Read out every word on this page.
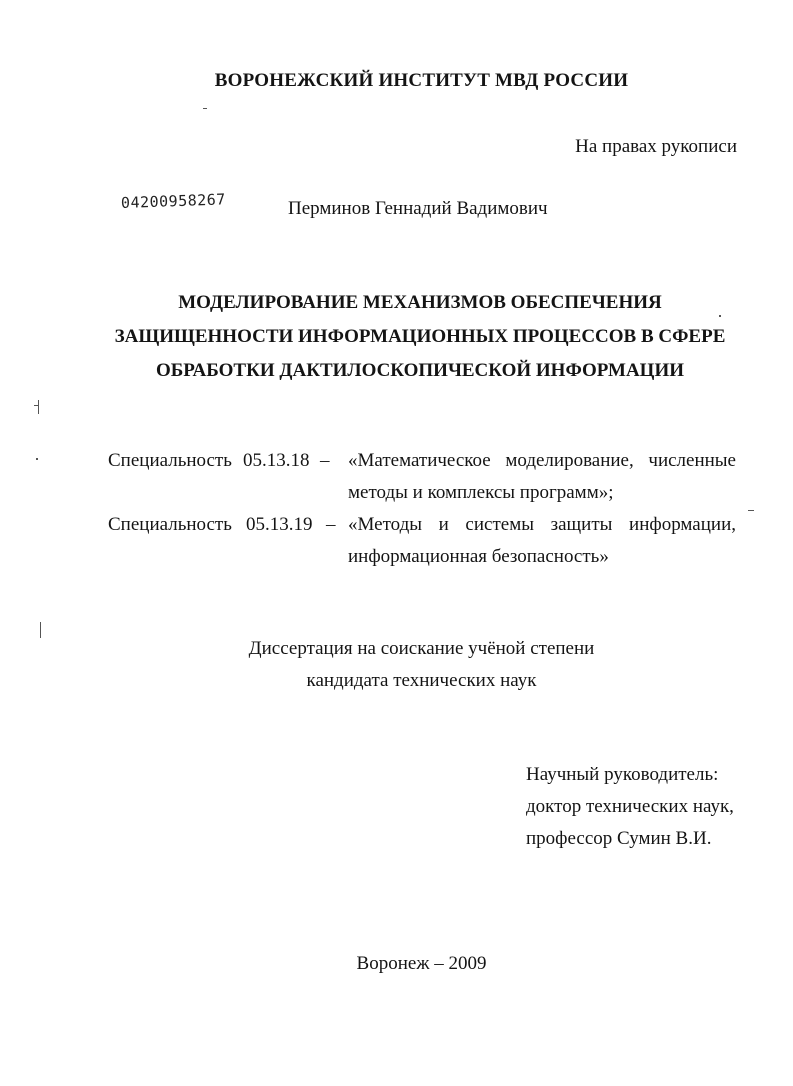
ВОРОНЕЖСКИЙ ИНСТИТУТ МВД РОССИИ
На правах рукописи
04200958267	Перминов Геннадий Вадимович
МОДЕЛИРОВАНИЕ МЕХАНИЗМОВ ОБЕСПЕЧЕНИЯ
ЗАЩИЩЕННОСТИ ИНФОРМАЦИОННЫХ ПРОЦЕССОВ В СФЕРЕ
ОБРАБОТКИ ДАКТИЛОСКОПИЧЕСКОЙ ИНФОРМАЦИИ
Специальность 05.13.18 – «Математическое моделирование, численные
методы и комплексы программ»;
Специальность 05.13.19 – «Методы и системы защиты информации,
информационная безопасность»
Диссертация на соискание учёной степени
кандидата технических наук
Научный руководитель:
доктор технических наук,
профессор Сумин В.И.
Воронеж – 2009
